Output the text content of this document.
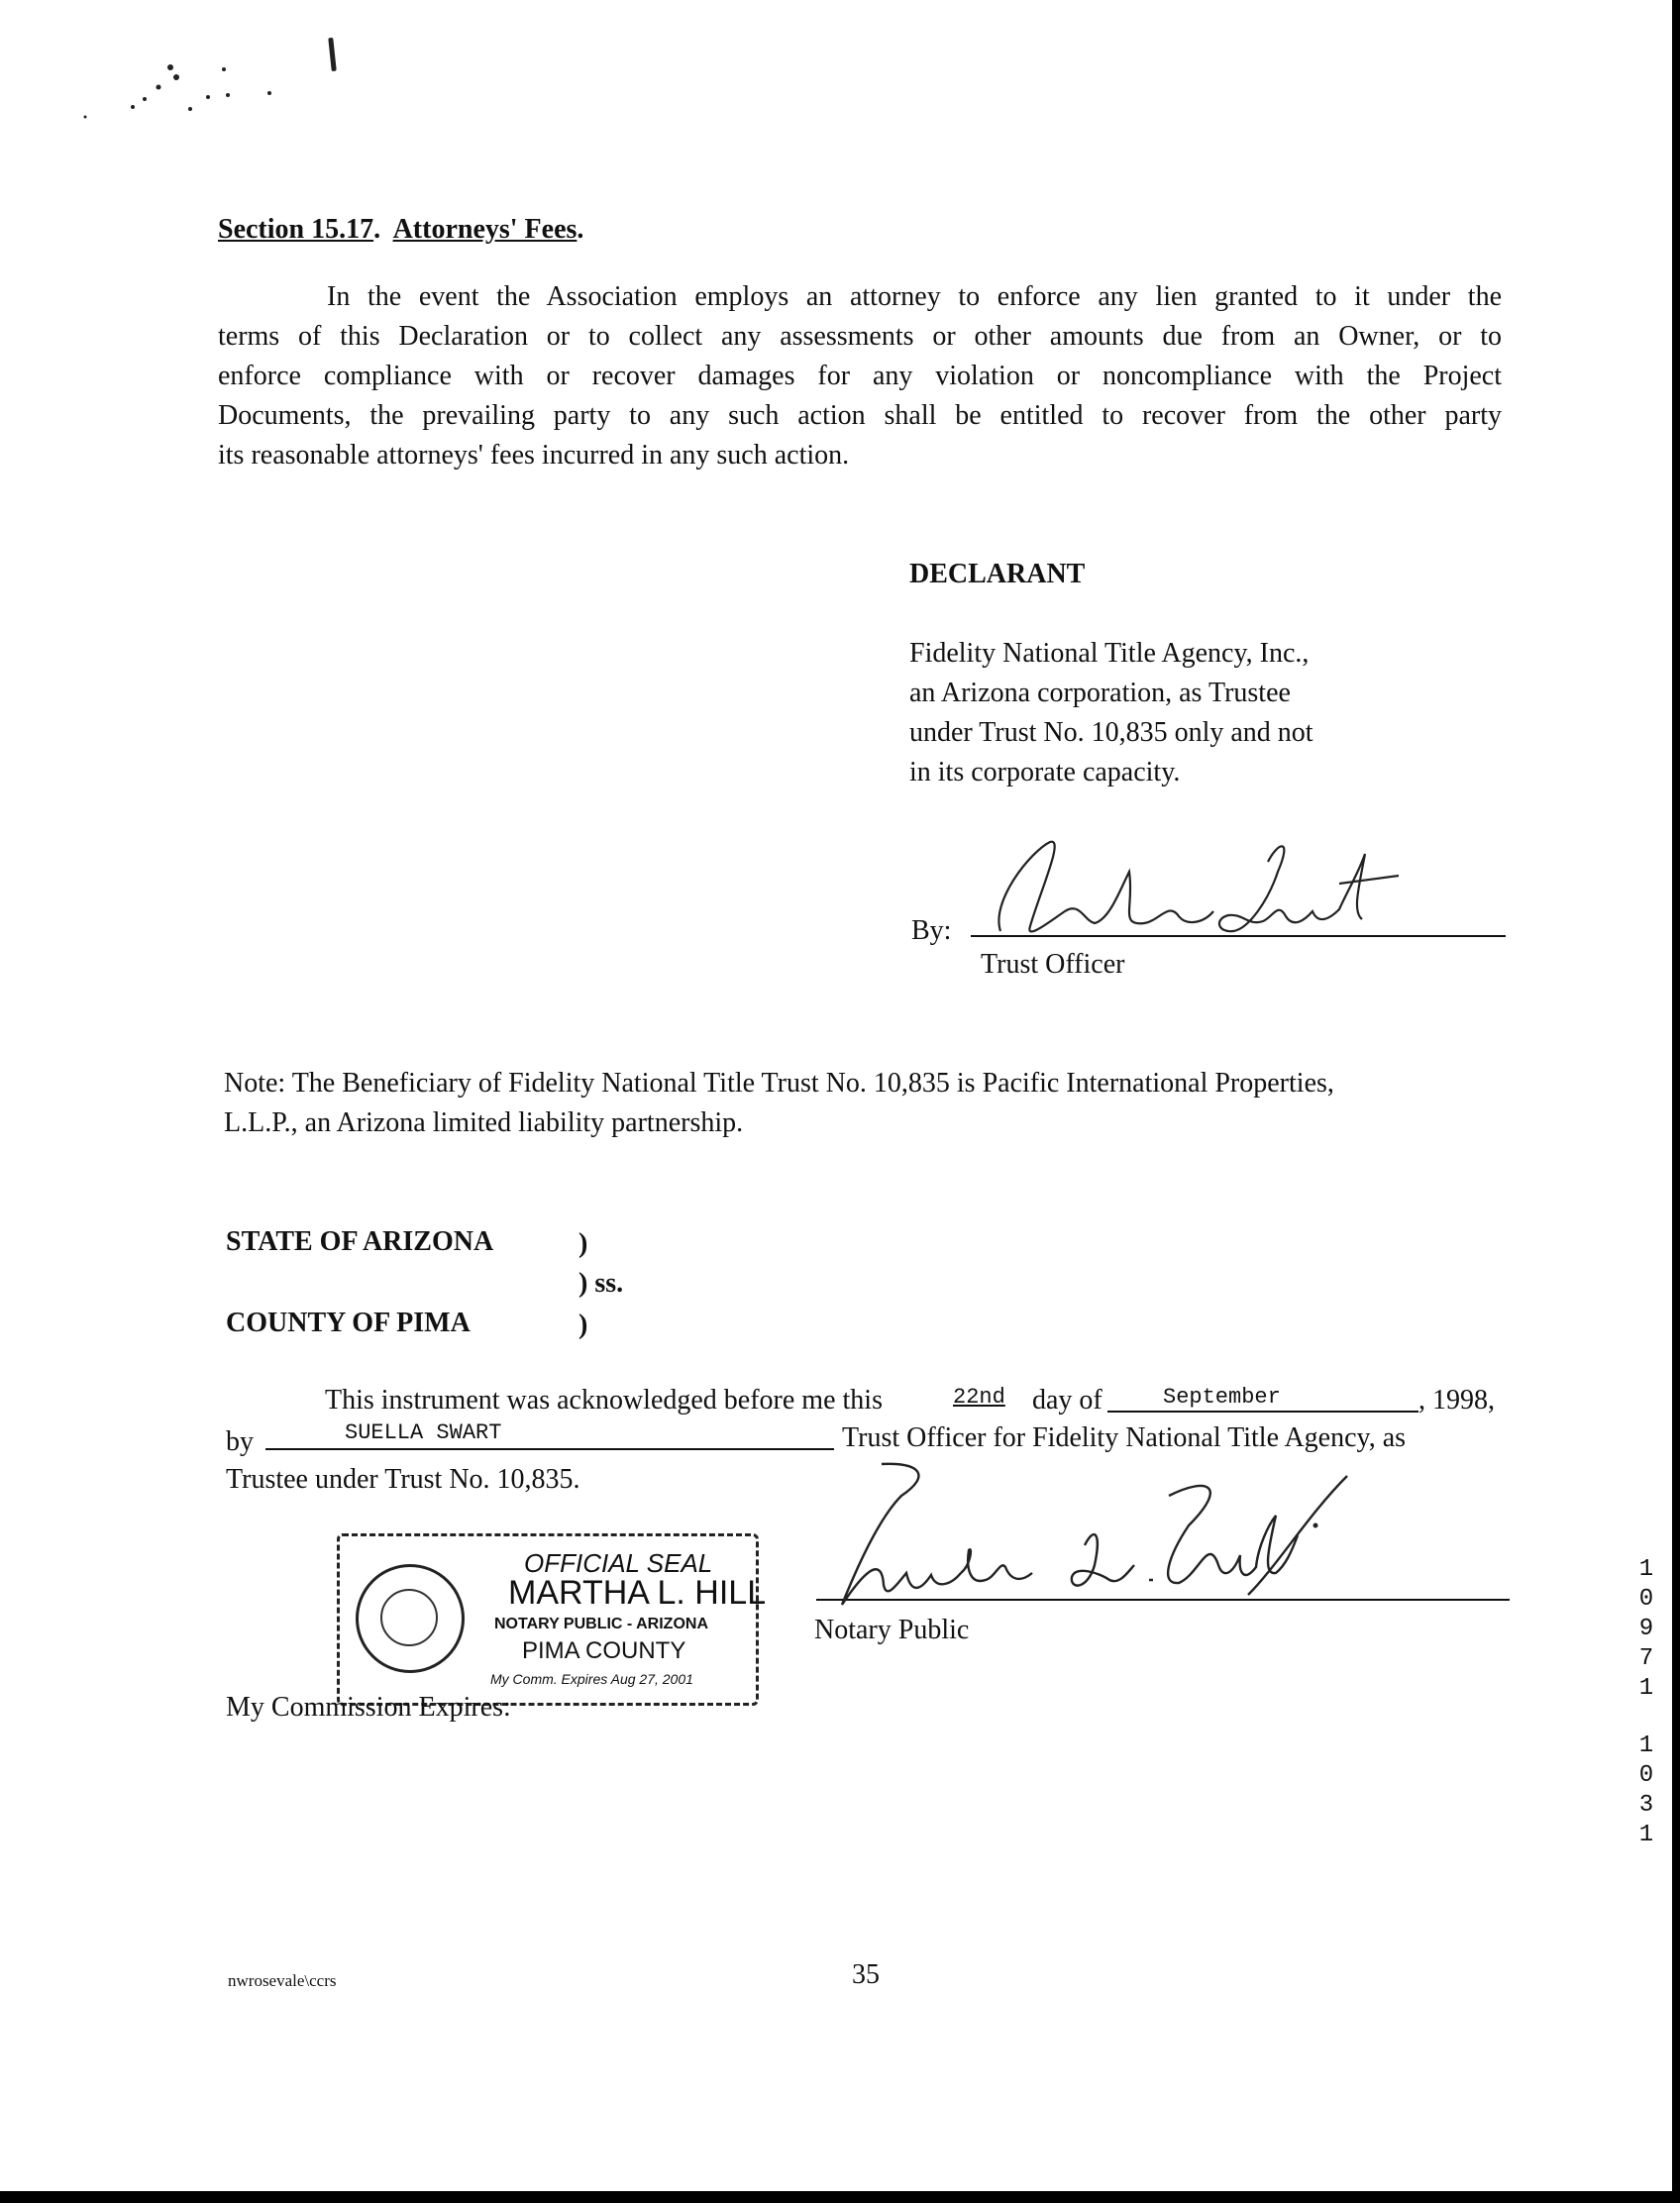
Section 15.17.  Attorneys' Fees.
In the event the Association employs an attorney to enforce any lien granted to it under the
terms of this Declaration or to collect any assessments or other amounts due from an Owner, or to
enforce compliance with or recover damages for any violation or noncompliance with the Project
Documents, the prevailing party to any such action shall be entitled to recover from the other party
its reasonable attorneys' fees incurred in any such action.
DECLARANT
Fidelity National Title Agency, Inc.,
an Arizona corporation, as Trustee
under Trust No. 10,835 only and not
in its corporate capacity.
By:
Trust Officer
Note: The Beneficiary of Fidelity National Title Trust No. 10,835 is Pacific International Properties,
L.L.P., an Arizona limited liability partnership.
STATE OF ARIZONA	)
) ss.
COUNTY OF PIMA	)
This instrument was acknowledged before me this	22nd day of	September	, 1998,
by	SUELLA SWART	Trust Officer for Fidelity National Title Agency, as
Trustee under Trust No. 10,835.
Notary Public
OFFICIAL SEAL
MARTHA L. HILL
NOTARY PUBLIC - ARIZONA
PIMA COUNTY
My Comm. Expires Aug 27, 2001
My Commission Expires:
1
0
9
7
1
1
0
3
1
nwrosevale\ccrs	35
